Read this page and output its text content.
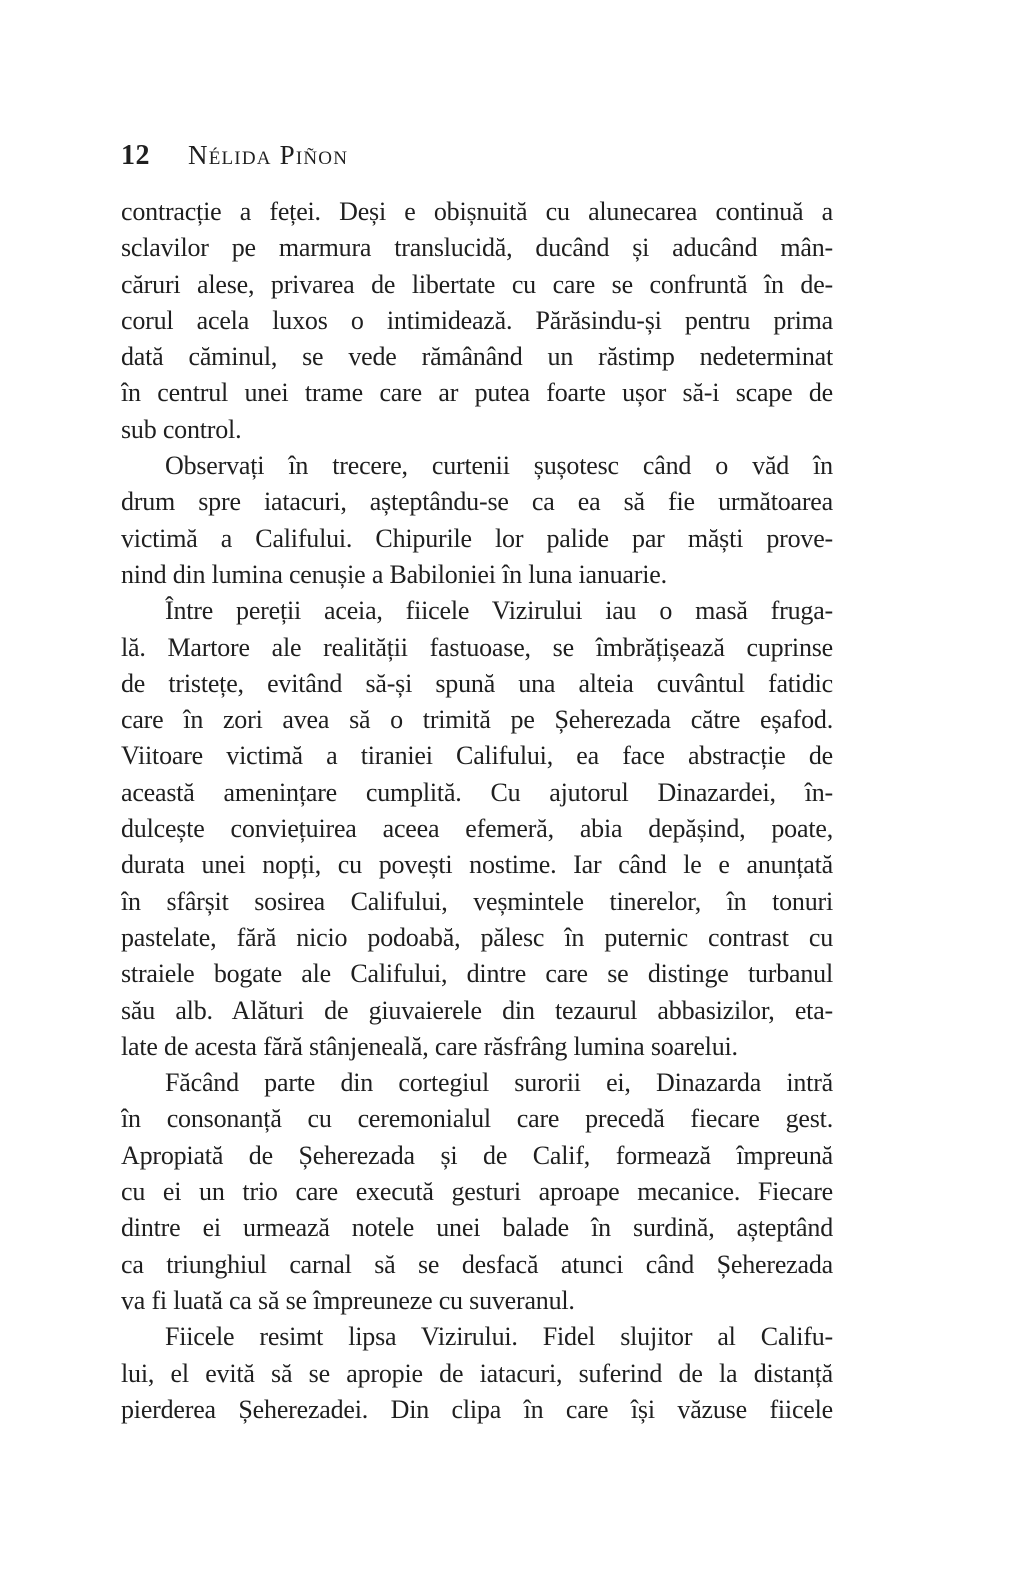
12 Nélida Piñon
contracție a feței. Deși e obișnuită cu alunecarea continuă a
sclavilor pe marmura translucidă, ducând și aducând mân-
căruri alese, privarea de libertate cu care se confruntă în de-
corul acela luxos o intimidează. Părăsindu-și pentru prima
dată căminul, se vede rămânând un răstimp nedeterminat
în centrul unei trame care ar putea foarte ușor să-i scape de
sub control.
Observați în trecere, curtenii șușotesc când o văd în
drum spre iatacuri, așteptându-se ca ea să fie următoarea
victimă a Califului. Chipurile lor palide par măști prove-
nind din lumina cenușie a Babiloniei în luna ianuarie.
Între pereții aceia, fiicele Vizirului iau o masă fruga-
lă. Martore ale realității fastuoase, se îmbrățișează cuprinse
de tristețe, evitând să-și spună una alteia cuvântul fatidic
care în zori avea să o trimită pe Șeherezada către eșafod.
Viitoare victimă a tiraniei Califului, ea face abstracție de
această amenințare cumplită. Cu ajutorul Dinazardei, în-
dulcește conviețuirea aceea efemeră, abia depășind, poate,
durata unei nopți, cu povești nostime. Iar când le e anunțată
în sfârșit sosirea Califului, veșmintele tinerelor, în tonuri
pastelate, fără nicio podoabă, pălesc în puternic contrast cu
straiele bogate ale Califului, dintre care se distinge turbanul
său alb. Alături de giuvaierele din tezaurul abbasizilor, eta-
late de acesta fără stânjeneală, care răsfrâng lumina soarelui.
Făcând parte din cortegiul surorii ei, Dinazarda intră
în consonanță cu ceremonialul care precedă fiecare gest.
Apropiată de Șeherezada și de Calif, formează împreună
cu ei un trio care execută gesturi aproape mecanice. Fiecare
dintre ei urmează notele unei balade în surdină, așteptând
ca triunghiul carnal să se desfacă atunci când Șeherezada
va fi luată ca să se împreuneze cu suveranul.
Fiicele resimt lipsa Vizirului. Fidel slujitor al Califu-
lui, el evită să se apropie de iatacuri, suferind de la distanță
pierderea Șeherezadei. Din clipa în care își văzuse fiicele
